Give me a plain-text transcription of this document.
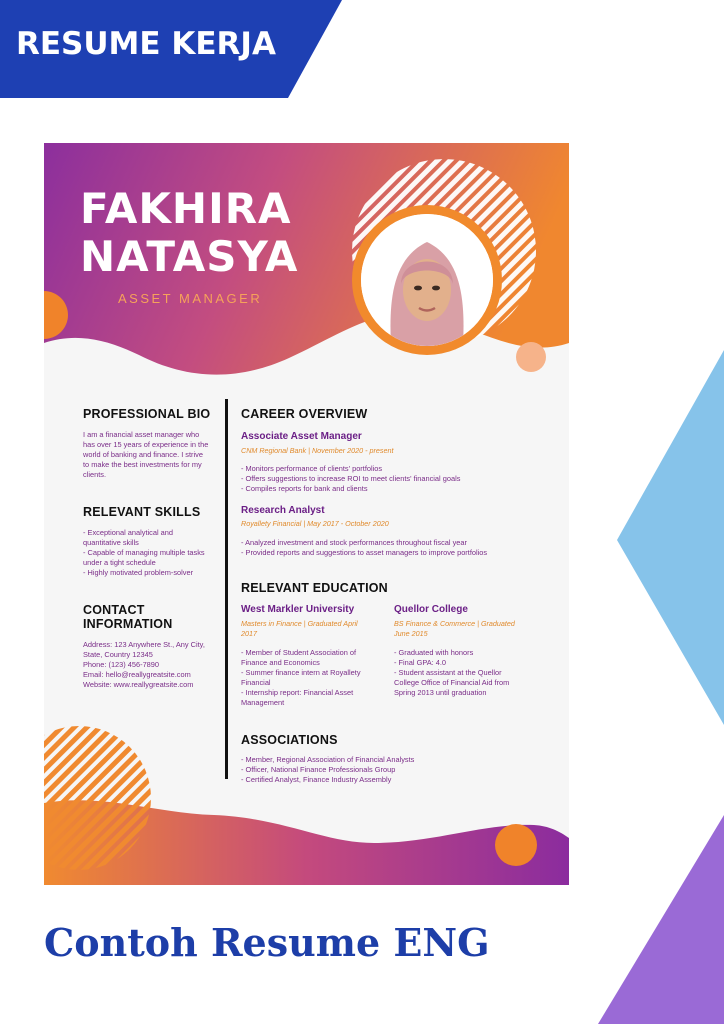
RESUME KERJA
FAKHIRA
NATASYA
ASSET MANAGER
PROFESSIONAL BIO
I am a financial asset manager who
has over 15 years of experience in the
world of banking and finance. I strive
to make the best investments for my
clients.
RELEVANT SKILLS
- Exceptional analytical and
quantitative skills
- Capable of managing multiple tasks
under a tight schedule
- Highly motivated problem-solver
CONTACT
INFORMATION
Address: 123 Anywhere St., Any City,
State, Country 12345
Phone: (123) 456-7890
Email: hello@reallygreatsite.com
Website: www.reallygreatsite.com
CAREER OVERVIEW
Associate Asset Manager
CNM Regional Bank | November 2020 - present
- Monitors performance of clients' portfolios
- Offers suggestions to increase ROI to meet clients' financial goals
- Compiles reports for bank and clients
Research Analyst
Royallety Financial | May 2017 - October 2020
- Analyzed investment and stock performances throughout fiscal year
- Provided reports and suggestions to asset managers to improve portfolios
RELEVANT EDUCATION
West Markler University
Masters in Finance | Graduated April
2017
- Member of Student Association of
Finance and Economics
- Summer finance intern at Royallety
Financial
- Internship report: Financial Asset
Management
Quellor College
BS Finance & Commerce | Graduated
June 2015
- Graduated with honors
- Final GPA: 4.0
- Student assistant at the Quellor
College Office of Financial Aid from
Spring 2013 until graduation
ASSOCIATIONS
- Member, Regional Association of Financial Analysts
- Officer, National Finance Professionals Group
- Certified Analyst, Finance Industry Assembly
Contoh Resume ENG
